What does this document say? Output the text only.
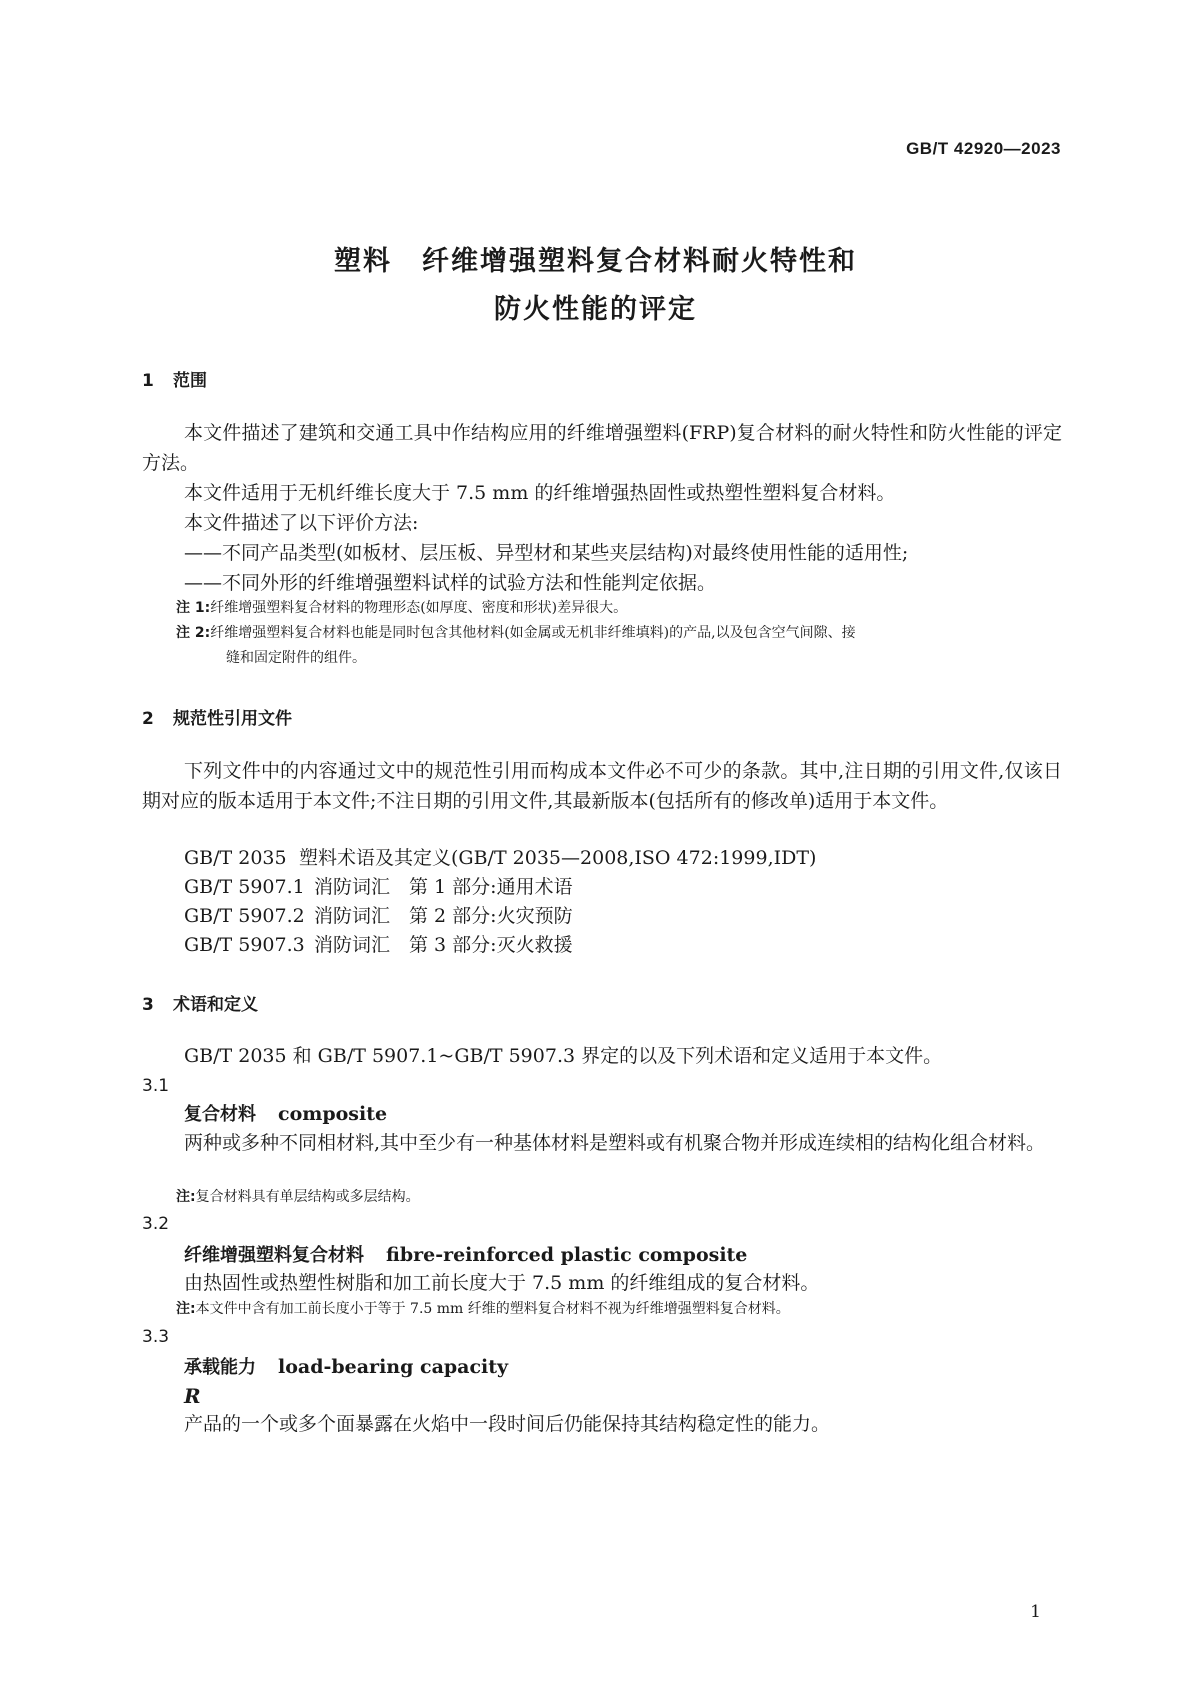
GB/T 42920—2023
塑料 纤维增强塑料复合材料耐火特性和
防火性能的评定
1 范围
本文件描述了建筑和交通工具中作结构应用的纤维增强塑料(FRP)复合材料的耐火特性和防火性能的评定方法。
本文件适用于无机纤维长度大于 7.5 mm 的纤维增强热固性或热塑性塑料复合材料。
本文件描述了以下评价方法:
——不同产品类型(如板材、层压板、异型材和某些夹层结构)对最终使用性能的适用性;
——不同外形的纤维增强塑料试样的试验方法和性能判定依据。
注 1:纤维增强塑料复合材料的物理形态(如厚度、密度和形状)差异很大。
注 2:纤维增强塑料复合材料也能是同时包含其他材料(如金属或无机非纤维填料)的产品,以及包含空气间隙、接
缝和固定附件的组件。
2 规范性引用文件
下列文件中的内容通过文中的规范性引用而构成本文件必不可少的条款。其中,注日期的引用文件,仅该日期对应的版本适用于本文件;不注日期的引用文件,其最新版本(包括所有的修改单)适用于本文件。
GB/T 2035 塑料术语及其定义(GB/T 2035—2008,ISO 472:1999,IDT)
GB/T 5907.1 消防词汇　第 1 部分:通用术语
GB/T 5907.2 消防词汇　第 2 部分:火灾预防
GB/T 5907.3 消防词汇　第 3 部分:灭火救援
3 术语和定义
GB/T 2035 和 GB/T 5907.1~GB/T 5907.3 界定的以及下列术语和定义适用于本文件。
3.1
复合材料 composite
两种或多种不同相材料,其中至少有一种基体材料是塑料或有机聚合物并形成连续相的结构化组合材料。
注:复合材料具有单层结构或多层结构。
3.2
纤维增强塑料复合材料 fibre-reinforced plastic composite
由热固性或热塑性树脂和加工前长度大于 7.5 mm 的纤维组成的复合材料。
注:本文件中含有加工前长度小于等于 7.5 mm 纤维的塑料复合材料不视为纤维增强塑料复合材料。
3.3
承载能力 load-bearing capacity
R
产品的一个或多个面暴露在火焰中一段时间后仍能保持其结构稳定性的能力。
1
